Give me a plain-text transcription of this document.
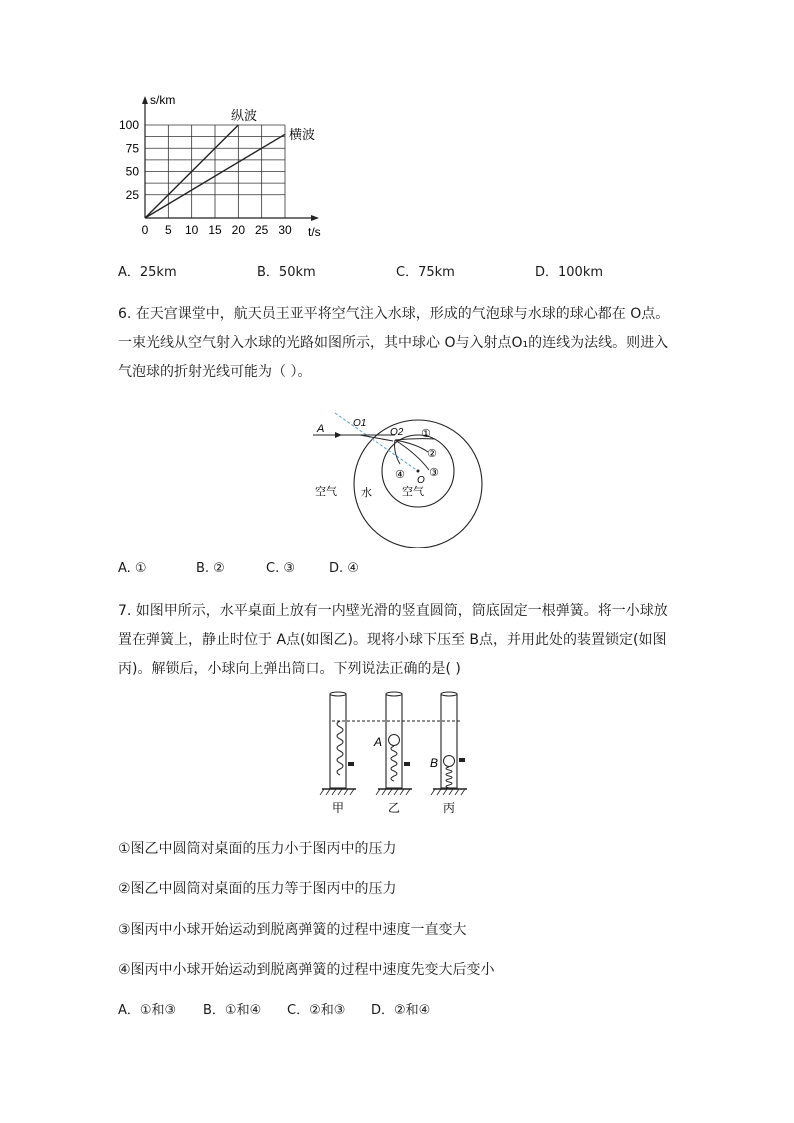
100
75
50
25
0 5 10 15 20 25 30
s/km
t/s
纵波
横波
A．25km	B．50km	C．75km	D．100km
6. 在天宫课堂中，航天员王亚平将空气注入水球，形成的气泡球与水球的球心都在 O点。
一束光线从空气射入水球的光路如图所示，其中球心 O与入射点O₁的连线为法线。则进入
气泡球的折射光线可能为（ ）。
A	O1
O2
O
①
②
③
④
空气 水	空气
A. ①	B. ②	C. ③	D. ④
7. 如图甲所示，水平桌面上放有一内壁光滑的竖直圆筒，筒底固定一根弹簧。将一小球放
置在弹簧上，静止时位于 A点(如图乙)。现将小球下压至 B点，并用此处的装置锁定(如图
丙)。解锁后，小球向上弹出筒口。下列说法正确的是( )
A
B
甲	乙	丙
①图乙中圆筒对桌面的压力小于图丙中的压力
②图乙中圆筒对桌面的压力等于图丙中的压力
③图丙中小球开始运动到脱离弹簧的过程中速度一直变大
④图丙中小球开始运动到脱离弹簧的过程中速度先变大后变小
A．①和③ B．①和④ C．②和③ D．②和④
